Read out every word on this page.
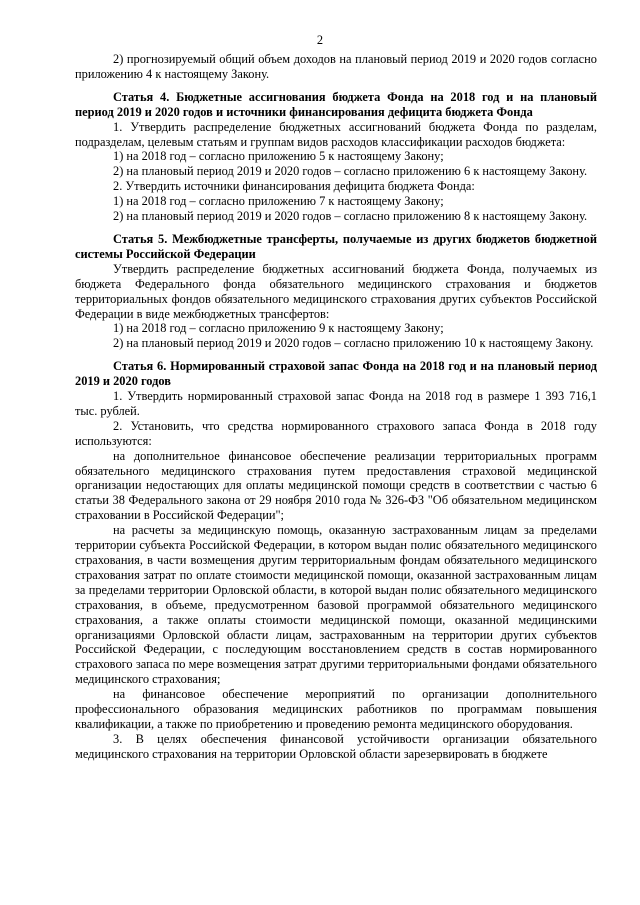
2

2) прогнозируемый общий объем доходов на плановый период 2019 и 2020 годов согласно приложению 4 к настоящему Закону.

Статья 4. Бюджетные ассигнования бюджета Фонда на 2018 год и на плановый период 2019 и 2020 годов и источники финансирования дефицита бюджета Фонда

1. Утвердить распределение бюджетных ассигнований бюджета Фонда по разделам, подразделам, целевым статьям и группам видов расходов классификации расходов бюджета:

1) на 2018 год – согласно приложению 5 к настоящему Закону;

2) на плановый период 2019 и 2020 годов – согласно приложению 6 к настоящему Закону.

2. Утвердить источники финансирования дефицита бюджета Фонда:

1) на 2018 год – согласно приложению 7 к настоящему Закону;

2) на плановый период 2019 и 2020 годов – согласно приложению 8 к настоящему Закону.

Статья 5. Межбюджетные трансферты, получаемые из других бюджетов бюджетной системы Российской Федерации

Утвердить распределение бюджетных ассигнований бюджета Фонда, получаемых из бюджета Федерального фонда обязательного медицинского страхования и бюджетов территориальных фондов обязательного медицинского страхования других субъектов Российской Федерации в виде межбюджетных трансфертов:

1) на 2018 год – согласно приложению 9 к настоящему Закону;

2) на плановый период 2019 и 2020 годов – согласно приложению 10 к настоящему Закону.

Статья 6. Нормированный страховой запас Фонда на 2018 год и на плановый период 2019 и 2020 годов

1. Утвердить нормированный страховой запас Фонда на 2018 год в размере 1 393 716,1 тыс. рублей.

2. Установить, что средства нормированного страхового запаса Фонда в 2018 году используются:

на дополнительное финансовое обеспечение реализации территориальных программ обязательного медицинского страхования путем предоставления страховой медицинской организации недостающих для оплаты медицинской помощи средств в соответствии с частью 6 статьи 38 Федерального закона от 29 ноября 2010 года № 326-ФЗ "Об обязательном медицинском страховании в Российской Федерации";

на расчеты за медицинскую помощь, оказанную застрахованным лицам за пределами территории субъекта Российской Федерации, в котором выдан полис обязательного медицинского страхования, в части возмещения другим территориальным фондам обязательного медицинского страхования затрат по оплате стоимости медицинской помощи, оказанной застрахованным лицам за пределами территории Орловской области, в которой выдан полис обязательного медицинского страхования, в объеме, предусмотренном базовой программой обязательного медицинского страхования, а также оплаты стоимости медицинской помощи, оказанной медицинскими организациями Орловской области лицам, застрахованным на территории других субъектов Российской Федерации, с последующим восстановлением средств в состав нормированного страхового запаса по мере возмещения затрат другими территориальными фондами обязательного медицинского страхования;

на финансовое обеспечение мероприятий по организации дополнительного профессионального образования медицинских работников по программам повышения квалификации, а также по приобретению и проведению ремонта медицинского оборудования.

3. В целях обеспечения финансовой устойчивости организации обязательного медицинского страхования на территории Орловской области зарезервировать в бюджете
